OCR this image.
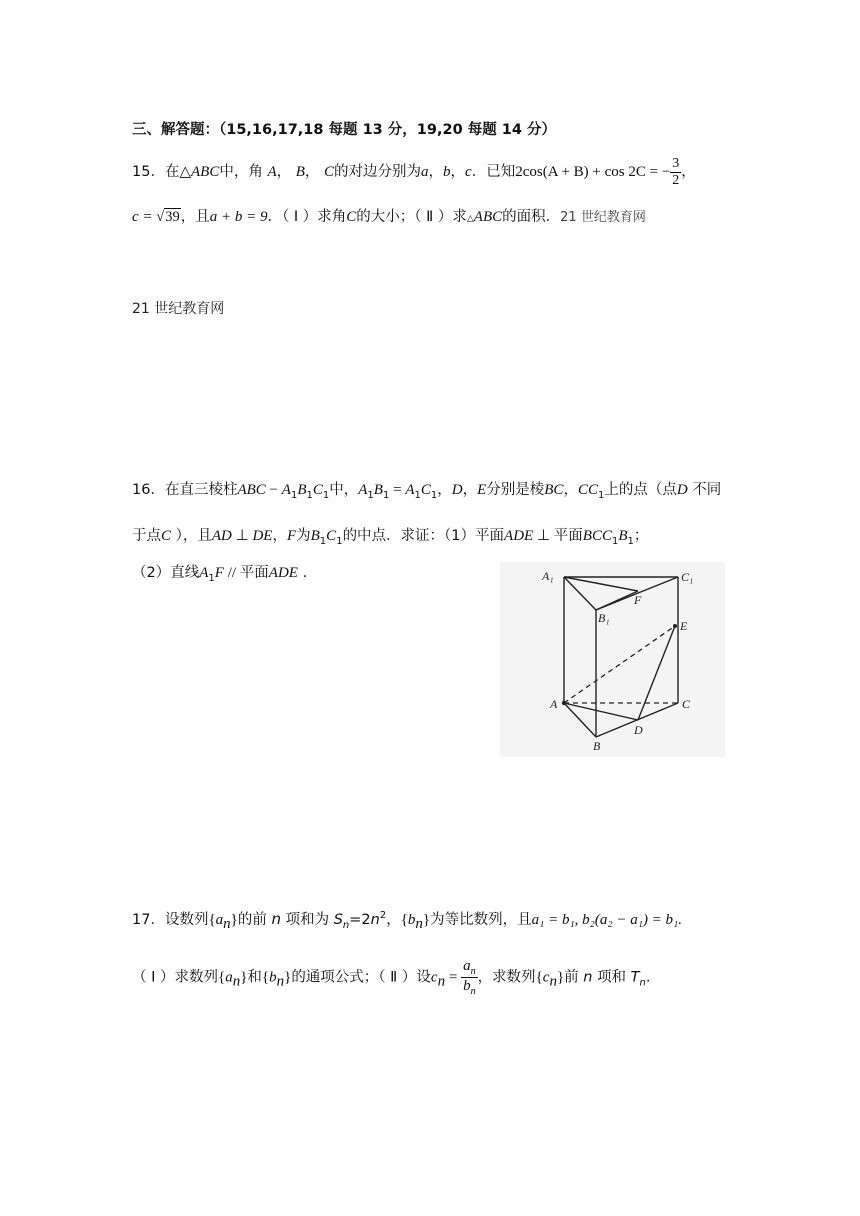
三、解答题：（15,16,17,18 每题 13 分，19,20 每题 14 分）
15．在△ABC中，角 A， B， C的对边分别为a，b，c．已知2cos(A + B) + cos 2C = − $\frac{3}{2}$ ，
c = √39，且a + b = 9．（ Ⅰ ）求角C的大小；（ Ⅱ ）求△ABC的面积．21 世纪教育网
21 世纪教育网
16．在直三棱柱ABC − $A_1B_1C_1$中，$A_1B_1 = A_1C_1$，D，E分别是棱BC，$CC_1$上的点（点D 不同
于点C ），且AD ⊥ DE，F为$B_1C_1$的中点．求证：（1）平面ADE ⊥ 平面$BCC_1B_1$；
（2）直线$A_1F$ // 平面ADE .	A₁	C₁
B₁
F
E
A	C
D
B
17．设数列$\{a_n\}$的前 n 项和为 $S_n=2n^2$，$\{b_n\}$为等比数列，且a₁ = b₁, b₂(a₂ − a₁) = b₁.
（ Ⅰ ）求数列$\{a_n\}$和$\{b_n\}$的通项公式；（ Ⅱ ）设$c_n = \frac{a_n}{b_n}$ ，求数列$\{c_n\}$前 n 项和 $T_n$.
